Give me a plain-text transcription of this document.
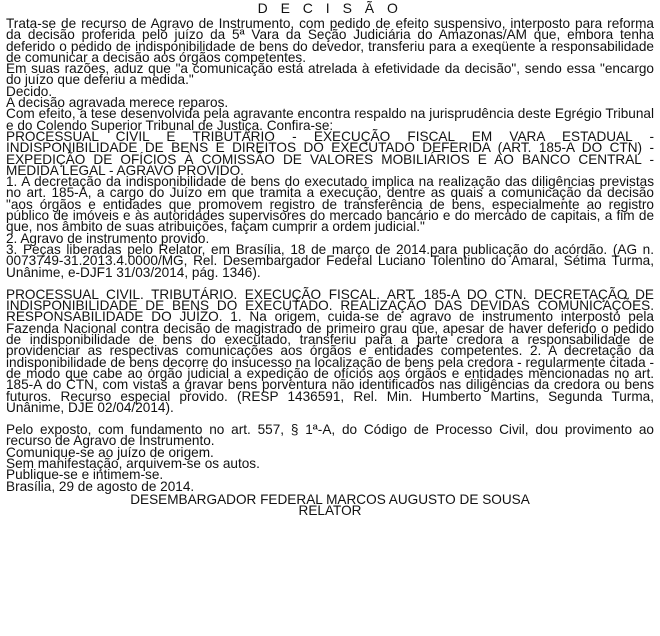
D E C I S Ã O

Trata-se de recurso de Agravo de Instrumento, com pedido de efeito suspensivo, interposto para reforma da decisão proferida pelo juízo da 5ª Vara da Seção Judiciária do Amazonas/AM que, embora tenha deferido o pedido de indisponibilidade de bens do devedor, transferiu para a exeqüente a responsabilidade de comunicar a decisão aos órgãos competentes.

Em suas razões, aduz que "a comunicação está atrelada à efetividade da decisão", sendo essa "encargo do juízo que deferiu a medida."

Decido.

A decisão agravada merece reparos.

Com efeito, a tese desenvolvida pela agravante encontra respaldo na jurisprudência deste Egrégio Tribunal e do Colendo Superior Tribunal de Justiça. Confira-se:

PROCESSUAL CIVIL E TRIBUTÁRIO - EXECUÇÃO FISCAL EM VARA ESTADUAL - INDISPONIBILIDADE DE BENS E DIREITOS DO EXECUTADO DEFERIDA (ART. 185-A DO CTN) - EXPEDIÇÃO DE OFÍCIOS À COMISSÃO DE VALORES MOBILIÁRIOS E AO BANCO CENTRAL - MEDIDA LEGAL - AGRAVO PROVIDO.

1. A decretação da indisponibilidade de bens do executado implica na realização das diligências previstas no art. 185-A, a cargo do Juízo em que tramita a execução, dentre as quais a comunicação da decisão "aos órgãos e entidades que promovem registro de transferência de bens, especialmente ao registro público de imóveis e às autoridades supervisores do mercado bancário e do mercado de capitais, a fim de que, nos âmbito de suas atribuições, façam cumprir a ordem judicial."

2. Agravo de instrumento provido.

3. Peças liberadas pelo Relator, em Brasília, 18 de março de 2014.para publicação do acórdão. (AG n. 0073749-31.2013.4.0000/MG, Rel. Desembargador Federal Luciano Tolentino do Amaral, Sétima Turma, Unânime, e-DJF1 31/03/2014, pág. 1346).

PROCESSUAL CIVIL. TRIBUTÁRIO. EXECUÇÃO FISCAL. ART. 185-A DO CTN. DECRETAÇÃO DE INDISPONIBILIDADE DE BENS DO EXECUTADO. REALIZAÇÃO DAS DEVIDAS COMUNICAÇÕES. RESPONSABILIDADE DO JUÍZO. 1. Na origem, cuida-se de agravo de instrumento interposto pela Fazenda Nacional contra decisão de magistrado de primeiro grau que, apesar de haver deferido o pedido de indisponibilidade de bens do executado, transferiu para a parte credora a responsabilidade de providenciar as respectivas comunicações aos órgãos e entidades competentes. 2. A decretação da indisponibilidade de bens decorre do insucesso na localização de bens pela credora - regularmente citada - de modo que cabe ao órgão judicial a expedição de ofícios aos órgãos e entidades mencionadas no art. 185-A do CTN, com vistas a gravar bens porventura não identificados nas diligências da credora ou bens futuros. Recurso especial provido. (RESP 1436591, Rel. Min. Humberto Martins, Segunda Turma, Unânime, DJE 02/04/2014).

Pelo exposto, com fundamento no art. 557, § 1ª-A, do Código de Processo Civil, dou provimento ao recurso de Agravo de Instrumento.

Comunique-se ao juízo de origem.

Sem manifestação, arquivem-se os autos.

Publique-se e intimem-se.

Brasília, 29 de agosto de 2014.

DESEMBARGADOR FEDERAL MARCOS AUGUSTO DE SOUSA

RELATOR
